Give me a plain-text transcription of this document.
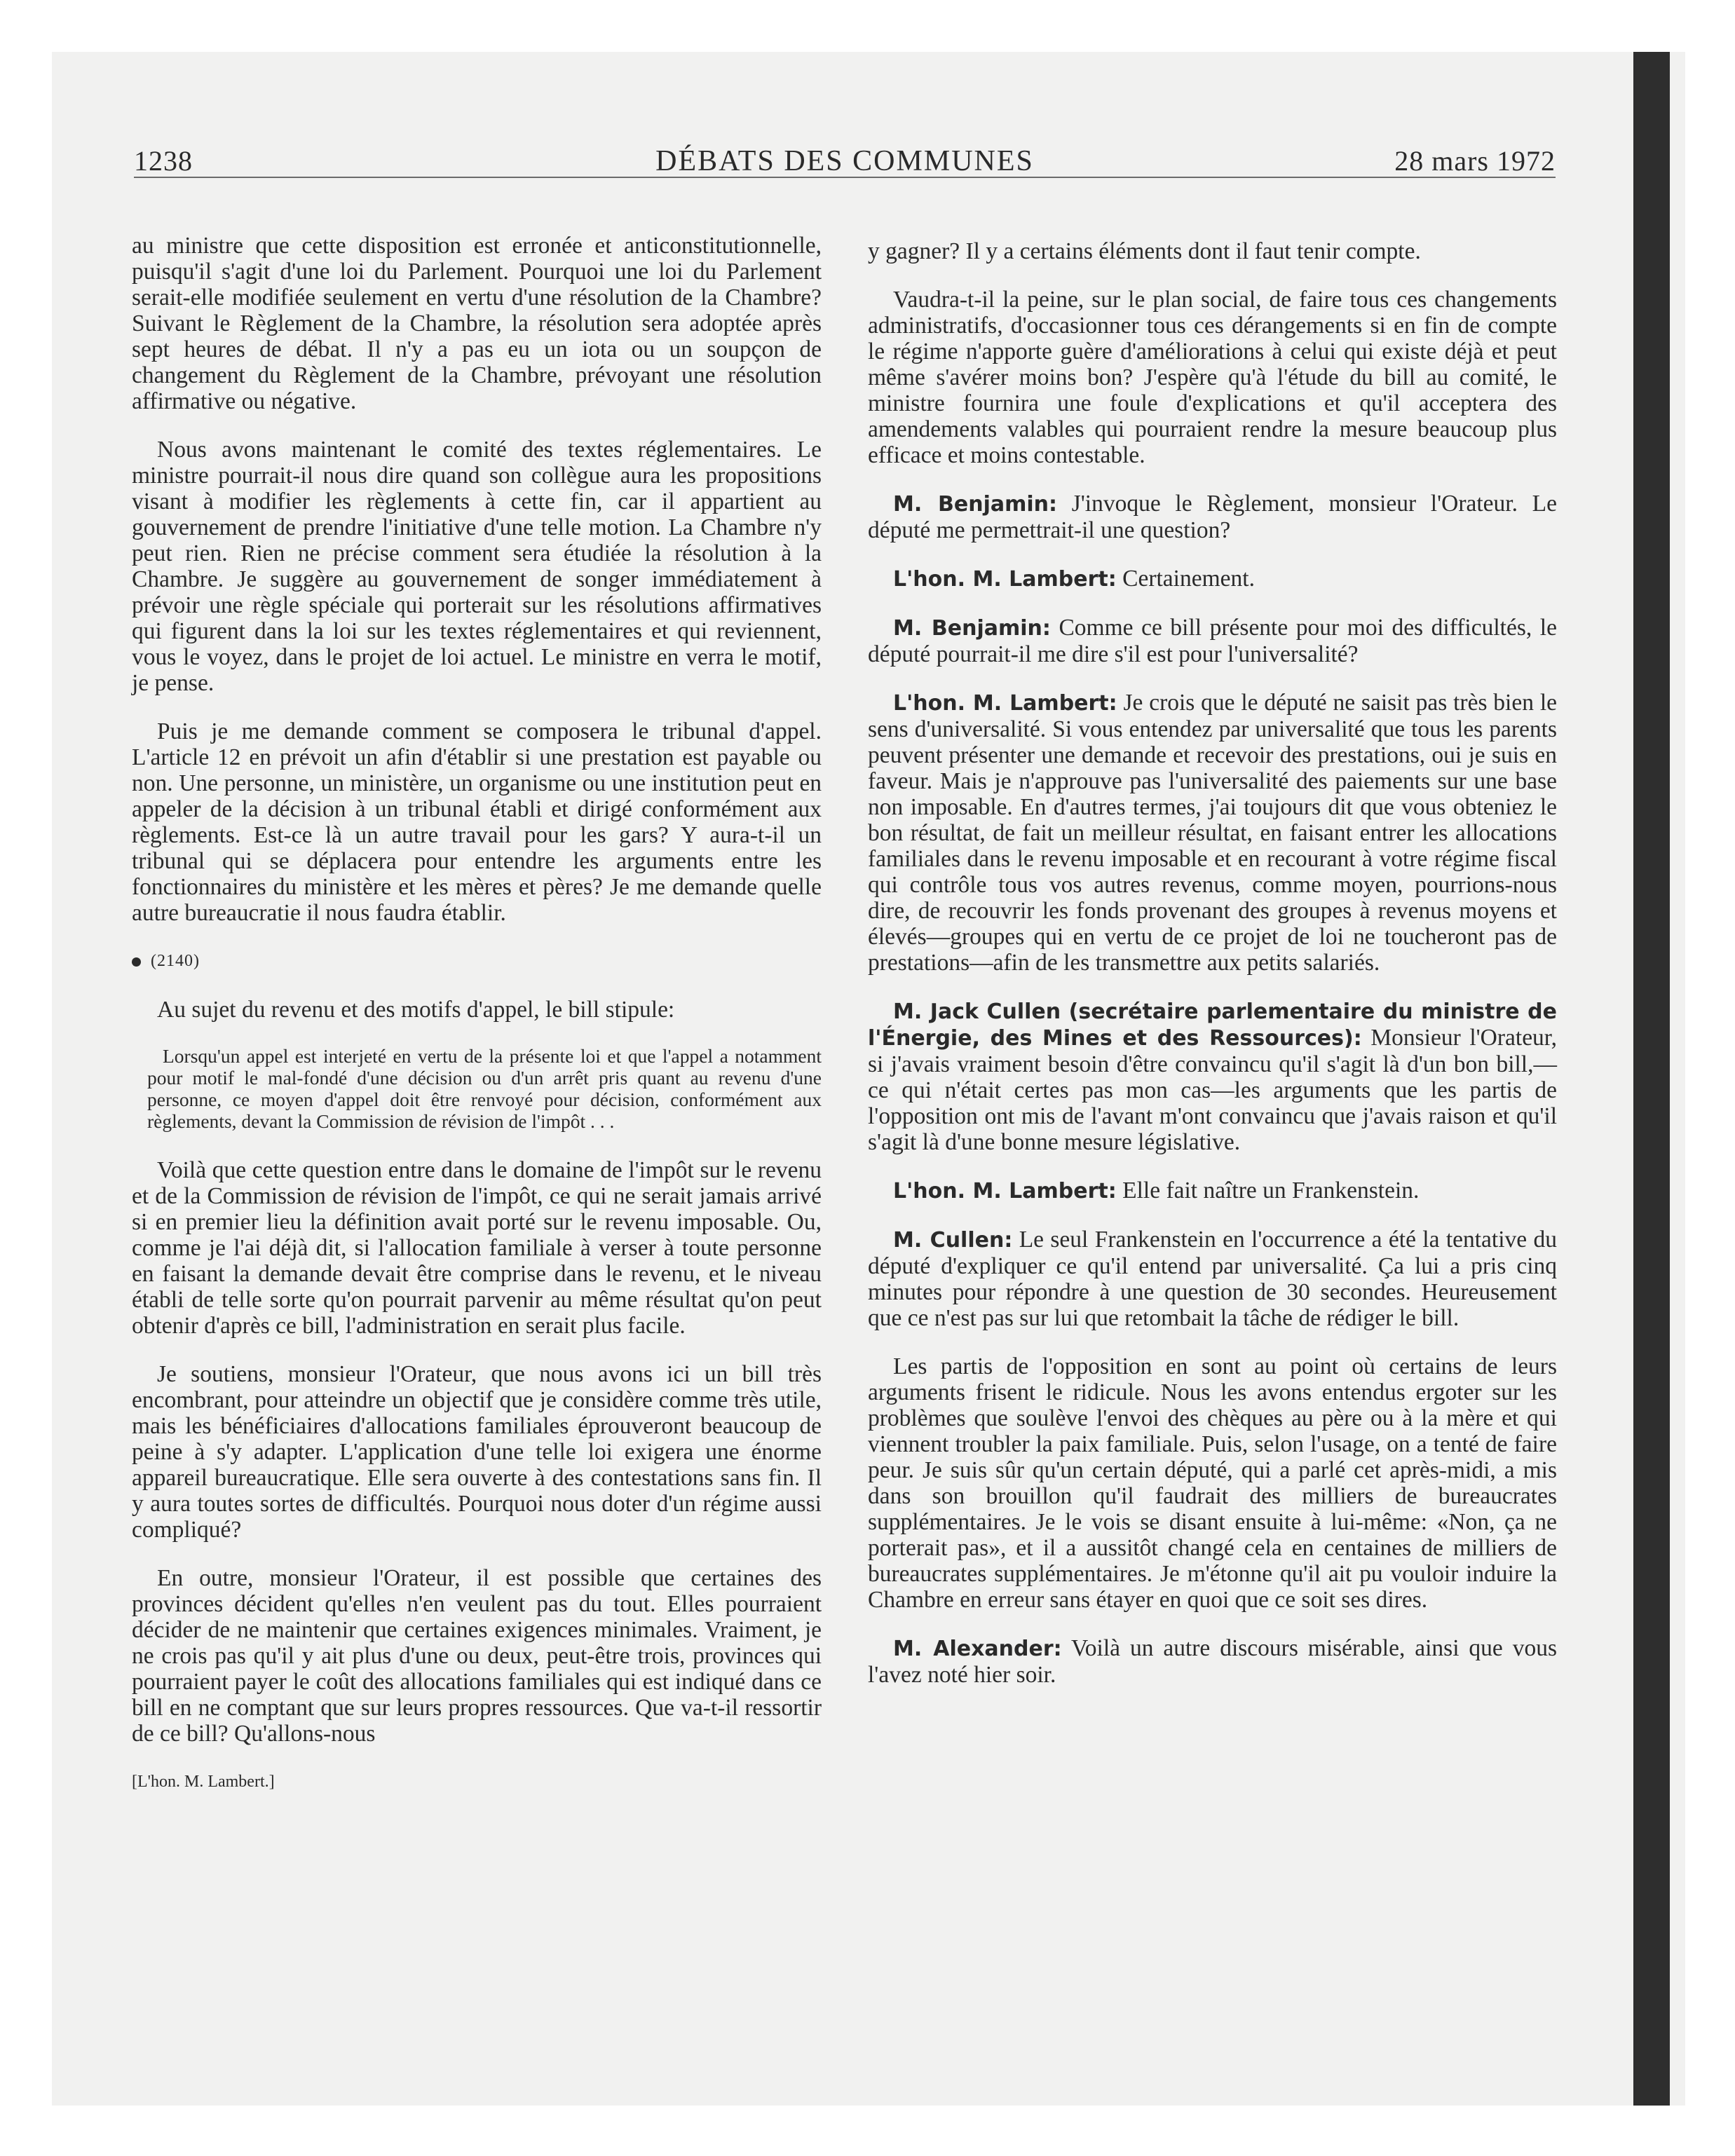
1238	DÉBATS DES COMMUNES	28 mars 1972

au ministre que cette disposition est erronée et anticonstitutionnelle, puisqu'il s'agit d'une loi du Parlement. Pourquoi une loi du Parlement serait-elle modifiée seulement en vertu d'une résolution de la Chambre? Suivant le Règlement de la Chambre, la résolution sera adoptée après sept heures de débat. Il n'y a pas eu un iota ou un soupçon de changement du Règlement de la Chambre, prévoyant une résolution affirmative ou négative.

Nous avons maintenant le comité des textes réglementaires. Le ministre pourrait-il nous dire quand son collègue aura les propositions visant à modifier les règlements à cette fin, car il appartient au gouvernement de prendre l'initiative d'une telle motion. La Chambre n'y peut rien. Rien ne précise comment sera étudiée la résolution à la Chambre. Je suggère au gouvernement de songer immédiatement à prévoir une règle spéciale qui porterait sur les résolutions affirmatives qui figurent dans la loi sur les textes réglementaires et qui reviennent, vous le voyez, dans le projet de loi actuel. Le ministre en verra le motif, je pense.

Puis je me demande comment se composera le tribunal d'appel. L'article 12 en prévoit un afin d'établir si une prestation est payable ou non. Une personne, un ministère, un organisme ou une institution peut en appeler de la décision à un tribunal établi et dirigé conformément aux règlements. Est-ce là un autre travail pour les gars? Y aura-t-il un tribunal qui se déplacera pour entendre les arguments entre les fonctionnaires du ministère et les mères et pères? Je me demande quelle autre bureaucratie il nous faudra établir.

(2140)

Au sujet du revenu et des motifs d'appel, le bill stipule:

Lorsqu'un appel est interjeté en vertu de la présente loi et que l'appel a notamment pour motif le mal-fondé d'une décision ou d'un arrêt pris quant au revenu d'une personne, ce moyen d'appel doit être renvoyé pour décision, conformément aux règlements, devant la Commission de révision de l'impôt . . .

Voilà que cette question entre dans le domaine de l'impôt sur le revenu et de la Commission de révision de l'impôt, ce qui ne serait jamais arrivé si en premier lieu la définition avait porté sur le revenu imposable. Ou, comme je l'ai déjà dit, si l'allocation familiale à verser à toute personne en faisant la demande devait être comprise dans le revenu, et le niveau établi de telle sorte qu'on pourrait parvenir au même résultat qu'on peut obtenir d'après ce bill, l'administration en serait plus facile.

Je soutiens, monsieur l'Orateur, que nous avons ici un bill très encombrant, pour atteindre un objectif que je considère comme très utile, mais les bénéficiaires d'allocations familiales éprouveront beaucoup de peine à s'y adapter. L'application d'une telle loi exigera une énorme appareil bureaucratique. Elle sera ouverte à des contestations sans fin. Il y aura toutes sortes de difficultés. Pourquoi nous doter d'un régime aussi compliqué?

En outre, monsieur l'Orateur, il est possible que certaines des provinces décident qu'elles n'en veulent pas du tout. Elles pourraient décider de ne maintenir que certaines exigences minimales. Vraiment, je ne crois pas qu'il y ait plus d'une ou deux, peut-être trois, provinces qui pourraient payer le coût des allocations familiales qui est indiqué dans ce bill en ne comptant que sur leurs propres ressources. Que va-t-il ressortir de ce bill? Qu'allons-nous

[L'hon. M. Lambert.]

y gagner? Il y a certains éléments dont il faut tenir compte.

Vaudra-t-il la peine, sur le plan social, de faire tous ces changements administratifs, d'occasionner tous ces dérangements si en fin de compte le régime n'apporte guère d'améliorations à celui qui existe déjà et peut même s'avérer moins bon? J'espère qu'à l'étude du bill au comité, le ministre fournira une foule d'explications et qu'il acceptera des amendements valables qui pourraient rendre la mesure beaucoup plus efficace et moins contestable.

M. Benjamin: J'invoque le Règlement, monsieur l'Orateur. Le député me permettrait-il une question?

L'hon. M. Lambert: Certainement.

M. Benjamin: Comme ce bill présente pour moi des difficultés, le député pourrait-il me dire s'il est pour l'universalité?

L'hon. M. Lambert: Je crois que le député ne saisit pas très bien le sens d'universalité. Si vous entendez par universalité que tous les parents peuvent présenter une demande et recevoir des prestations, oui je suis en faveur. Mais je n'approuve pas l'universalité des paiements sur une base non imposable. En d'autres termes, j'ai toujours dit que vous obteniez le bon résultat, de fait un meilleur résultat, en faisant entrer les allocations familiales dans le revenu imposable et en recourant à votre régime fiscal qui contrôle tous vos autres revenus, comme moyen, pourrions-nous dire, de recouvrir les fonds provenant des groupes à revenus moyens et élevés—groupes qui en vertu de ce projet de loi ne toucheront pas de prestations—afin de les transmettre aux petits salariés.

M. Jack Cullen (secrétaire parlementaire du ministre de l'Énergie, des Mines et des Ressources): Monsieur l'Orateur, si j'avais vraiment besoin d'être convaincu qu'il s'agit là d'un bon bill,—ce qui n'était certes pas mon cas—les arguments que les partis de l'opposition ont mis de l'avant m'ont convaincu que j'avais raison et qu'il s'agit là d'une bonne mesure législative.

L'hon. M. Lambert: Elle fait naître un Frankenstein.

M. Cullen: Le seul Frankenstein en l'occurrence a été la tentative du député d'expliquer ce qu'il entend par universalité. Ça lui a pris cinq minutes pour répondre à une question de 30 secondes. Heureusement que ce n'est pas sur lui que retombait la tâche de rédiger le bill.

Les partis de l'opposition en sont au point où certains de leurs arguments frisent le ridicule. Nous les avons entendus ergoter sur les problèmes que soulève l'envoi des chèques au père ou à la mère et qui viennent troubler la paix familiale. Puis, selon l'usage, on a tenté de faire peur. Je suis sûr qu'un certain député, qui a parlé cet après-midi, a mis dans son brouillon qu'il faudrait des milliers de bureaucrates supplémentaires. Je le vois se disant ensuite à lui-même: «Non, ça ne porterait pas», et il a aussitôt changé cela en centaines de milliers de bureaucrates supplémentaires. Je m'étonne qu'il ait pu vouloir induire la Chambre en erreur sans étayer en quoi que ce soit ses dires.

M. Alexander: Voilà un autre discours misérable, ainsi que vous l'avez noté hier soir.
